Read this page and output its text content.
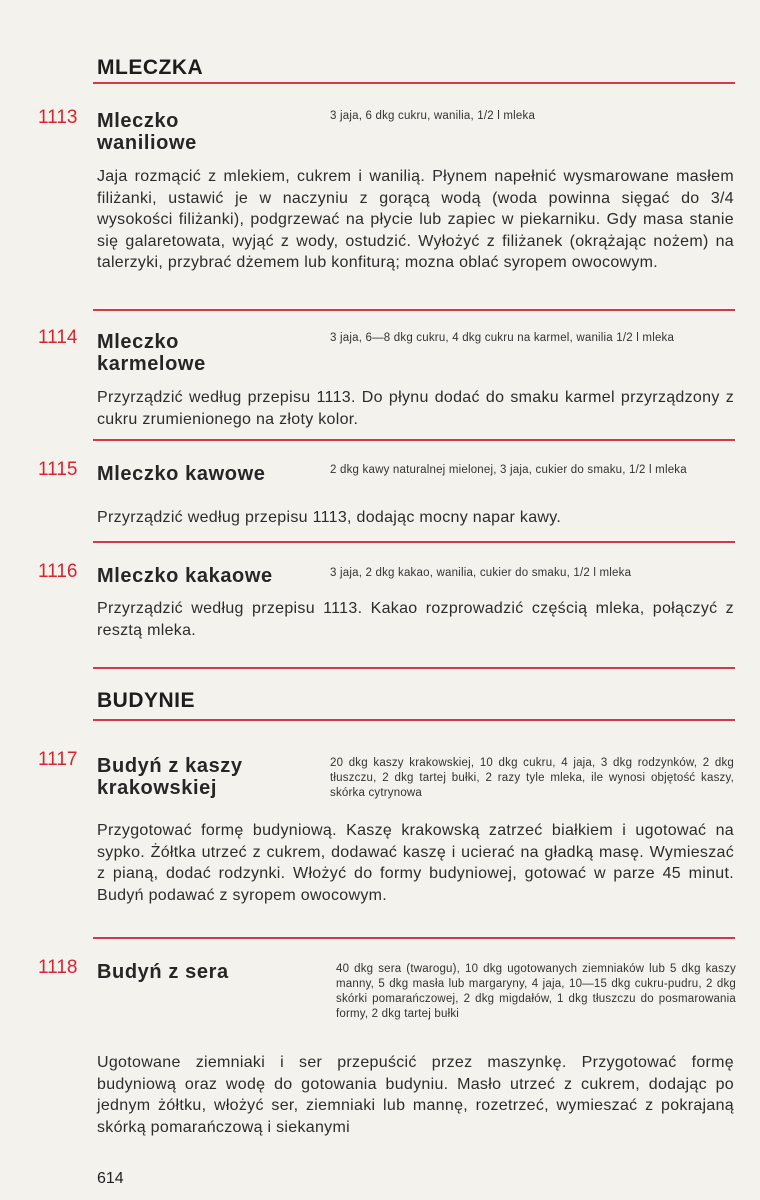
MLECZKA
1113 Mleczko
waniliowe
3 jaja, 6 dkg cukru, wanilia, 1/2 l mleka
Jaja rozmącić z mlekiem, cukrem i wanilią. Płynem napełnić wysmarowane masłem filiżanki, ustawić je w naczyniu z gorącą wodą (woda powinna sięgać do 3/4 wysokości filiżanki), podgrzewać na płycie lub zapiec w piekarniku. Gdy masa stanie się galaretowata, wyjąć z wody, ostudzić. Wyłożyć z filiżanek (okrążając nożem) na talerzyki, przybrać dżemem lub konfiturą; mozna oblać syropem owocowym.
1114 Mleczko
karmelowe
3 jaja, 6—8 dkg cukru, 4 dkg cukru na karmel, wanilia 1/2 l mleka
Przyrządzić według przepisu 1113. Do płynu dodać do smaku karmel przyrządzony z cukru zrumienionego na złoty kolor.
1115 Mleczko kawowe	2 dkg kawy naturalnej mielonej, 3 jaja, cukier do smaku, 1/2 l mleka
Przyrządzić według przepisu 1113, dodając mocny napar kawy.
1116 Mleczko kakaowe	3 jaja, 2 dkg kakao, wanilia, cukier do smaku, 1/2 l mleka
Przyrządzić według przepisu 1113. Kakao rozprowadzić częścią mleka, połączyć z resztą mleka.
BUDYNIE
1117 Budyń z kaszy
krakowskiej
20 dkg kaszy krakowskiej, 10 dkg cukru, 4 jaja, 3 dkg rodzynków, 2 dkg tłuszczu, 2 dkg tartej bułki, 2 razy tyle mleka, ile wynosi objętość kaszy, skórka cytrynowa
Przygotować formę budyniową. Kaszę krakowską zatrzeć białkiem i ugotować na sypko. Żółtka utrzeć z cukrem, dodawać kaszę i ucierać na gładką masę. Wymieszać z pianą, dodać rodzynki. Włożyć do formy budyniowej, gotować w parze 45 minut. Budyń podawać z syropem owocowym.
1118 Budyń z sera	40 dkg sera (twarogu), 10 dkg ugotowanych ziemniaków lub 5 dkg kaszy manny, 5 dkg masła lub margaryny, 4 jaja, 10—15 dkg cukru-pudru, 2 dkg skórki pomarańczowej, 2 dkg migdałów, 1 dkg tłuszczu do posmarowania formy, 2 dkg tartej bułki
Ugotowane ziemniaki i ser przepuścić przez maszynkę. Przygotować formę budyniową oraz wodę do gotowania budyniu. Masło utrzeć z cukrem, dodając po jednym żółtku, włożyć ser, ziemniaki lub mannę, rozetrzeć, wymieszać z pokrajaną skórką pomarańczową i siekanymi
614
